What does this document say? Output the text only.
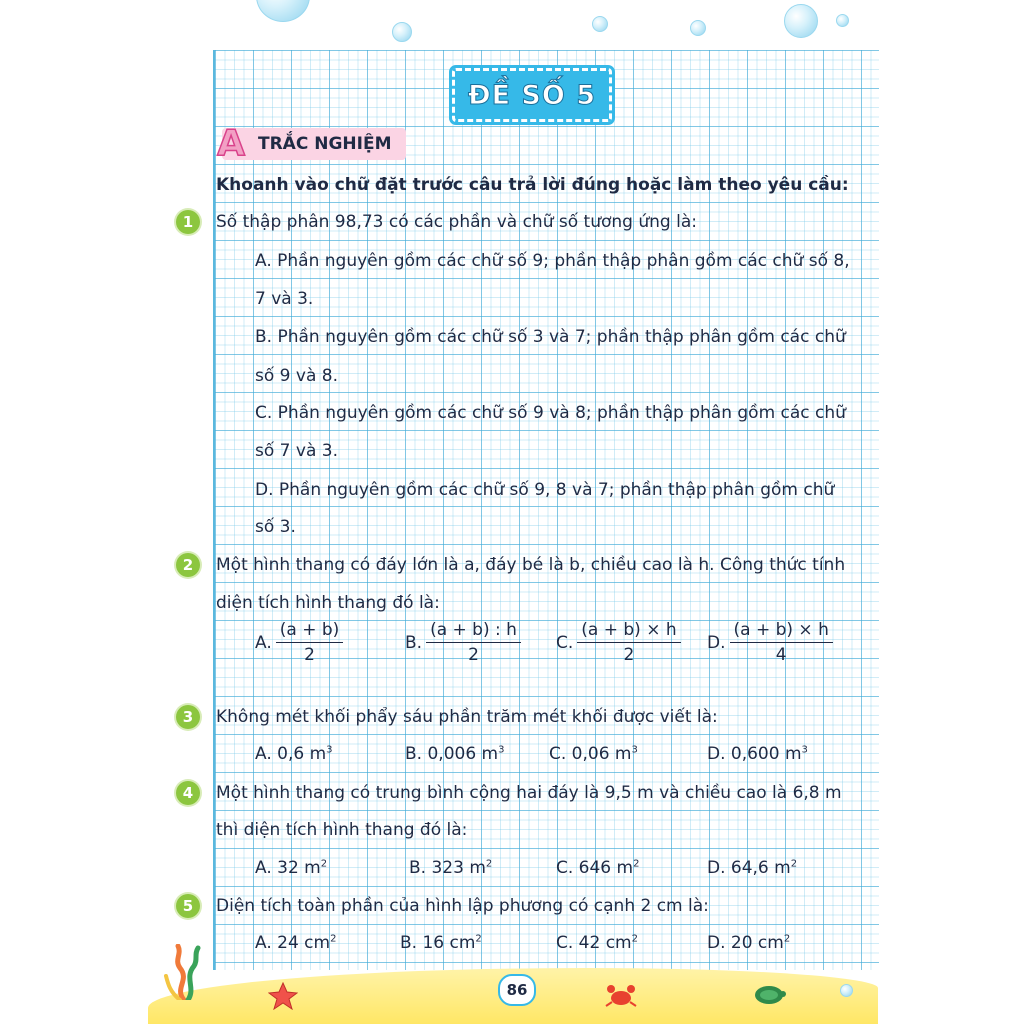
ĐỀ SỐ 5
A TRẮC NGHIỆM
Khoanh vào chữ đặt trước câu trả lời đúng hoặc làm theo yêu cầu:
1	Số thập phân 98,73 có các phần và chữ số tương ứng là:
A. Phần nguyên gồm các chữ số 9; phần thập phân gồm các chữ số 8,
7 và 3.
B. Phần nguyên gồm các chữ số 3 và 7; phần thập phân gồm các chữ
số 9 và 8.
C. Phần nguyên gồm các chữ số 9 và 8; phần thập phân gồm các chữ
số 7 và 3.
D. Phần nguyên gồm các chữ số 9, 8 và 7; phần thập phân gồm chữ
số 3.
2	Một hình thang có đáy lớn là a, đáy bé là b, chiều cao là h. Công thức tính
diện tích hình thang đó là:
A. $\frac{(a + b)}{2}$	B. $\frac{(a + b) : h}{2} C$. $\frac{(a + b) \times h}{2} D$. $\frac{(a + b) \times h}{4}$
3	Không mét khối phẩy sáu phần trăm mét khối được viết là:
A. 0,6 $m^3$	B. 0,006 $m^3$	C. 0,06 $m^3$	D. 0,600 $m^3$
4	Một hình thang có trung bình cộng hai đáy là 9,5 m và chiều cao là 6,8 m
thì diện tích hình thang đó là:
A. 32 $m^2$	B. 323 $m^2$	C. 646 $m^2$	D. 64,6 $m^2$
5	Diện tích toàn phần của hình lập phương có cạnh 2 cm là:
A. 24 $cm^2$	B. 16 $cm^2$	C. 42 $cm^2$	D. 20 $cm^2$
86
